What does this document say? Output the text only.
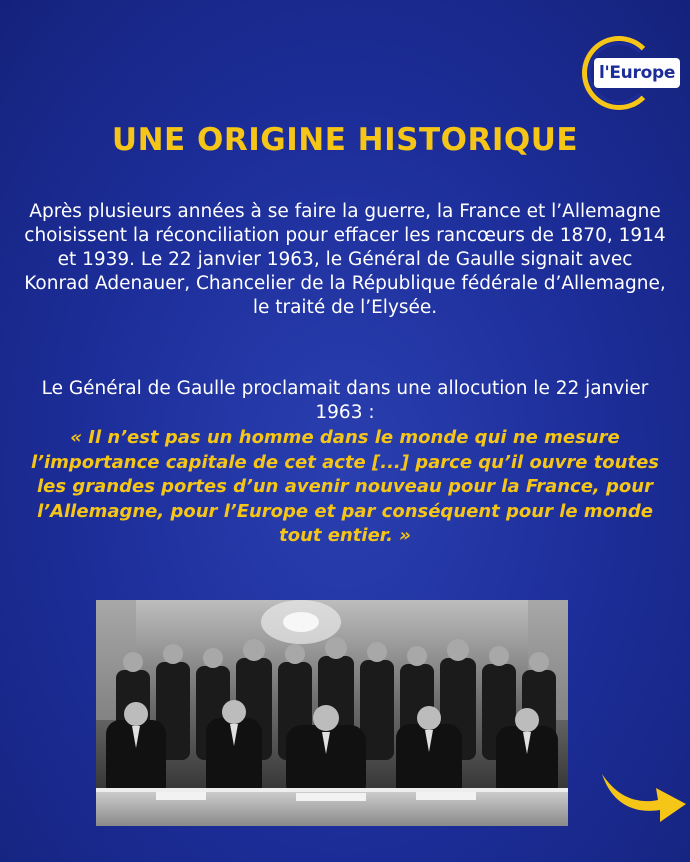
l'Europe
UNE ORIGINE HISTORIQUE

Après plusieurs années à se faire la guerre, la France et l’Allemagne choisissent la réconciliation pour effacer les rancœurs de 1870, 1914 et 1939. Le 22 janvier 1963, le Général de Gaulle signait avec Konrad Adenauer, Chancelier de la République fédérale d’Allemagne, le traité de l’Elysée.

Le Général de Gaulle proclamait dans une allocution le 22 janvier 1963 :

« Il n’est pas un homme dans le monde qui ne mesure l’importance capitale de cet acte [...] parce qu’il ouvre toutes les grandes portes d’un avenir nouveau pour la France, pour l’Allemagne, pour l’Europe et par conséquent pour le monde tout entier. »
